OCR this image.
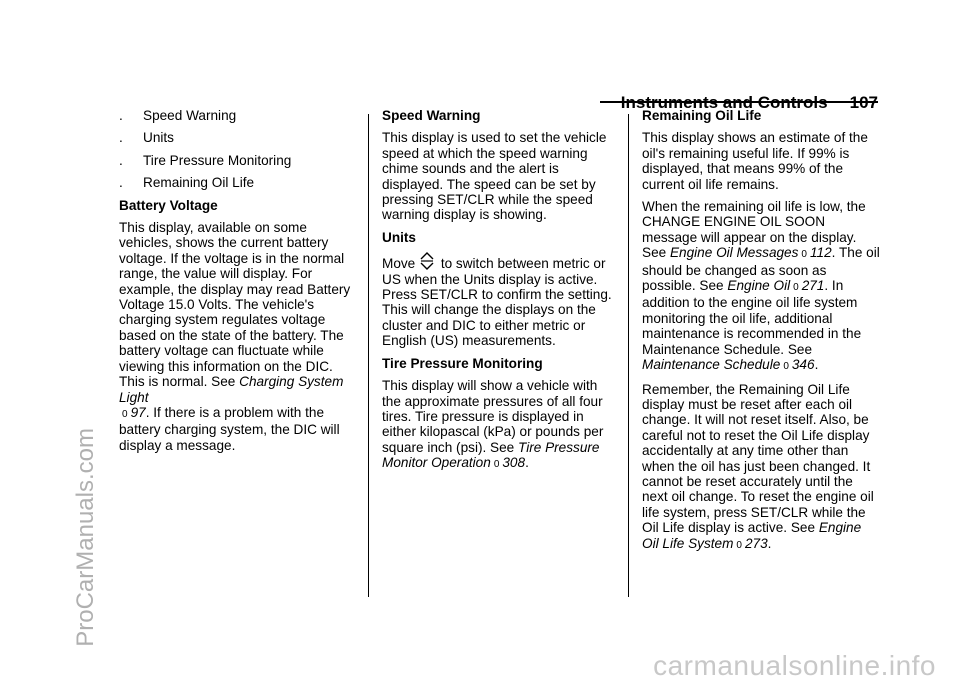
ProCarManuals.com
.	Speed Warning
.	Units
.	Tire Pressure Monitoring
.	Remaining Oil Life
Battery Voltage

This display, available on some vehicles, shows the current battery voltage. If the voltage is in the normal range, the value will display. For example, the display may read Battery Voltage 15.0 Volts. The vehicle's charging system regulates voltage based on the state of the battery. The battery voltage can fluctuate while viewing this information on the DIC. This is normal. See Charging System Light
0 97. If there is a problem with the battery charging system, the DIC will display a message.

Speed Warning

This display is used to set the vehicle speed at which the speed warning chime sounds and the alert is displayed. The speed can be set by pressing SET/CLR while the speed warning display is showing.

Units

Move to switch between metric or US when the Units display is active. Press SET/CLR to confirm the setting. This will change the displays on the cluster and DIC to either metric or English (US) measurements.

Tire Pressure Monitoring

This display will show a vehicle with the approximate pressures of all four tires. Tire pressure is displayed in either kilopascal (kPa) or pounds per square inch (psi). See Tire Pressure Monitor Operation 0 308.

Remaining Oil Life

This display shows an estimate of the oil's remaining useful life. If 99% is displayed, that means 99% of the current oil life remains.

When the remaining oil life is low, the CHANGE ENGINE OIL SOON message will appear on the display. See Engine Oil Messages 0 112. The oil should be changed as soon as possible. See Engine Oil 0 271. In addition to the engine oil life system monitoring the oil life, additional maintenance is recommended in the Maintenance Schedule. See Maintenance Schedule 0 346.

Remember, the Remaining Oil Life display must be reset after each oil change. It will not reset itself. Also, be careful not to reset the Oil Life display accidentally at any time other than when the oil has just been changed. It cannot be reset accurately until the next oil change. To reset the engine oil life system, press SET/CLR while the Oil Life display is active. See Engine Oil Life System 0 273.

carmanualsonline.info
